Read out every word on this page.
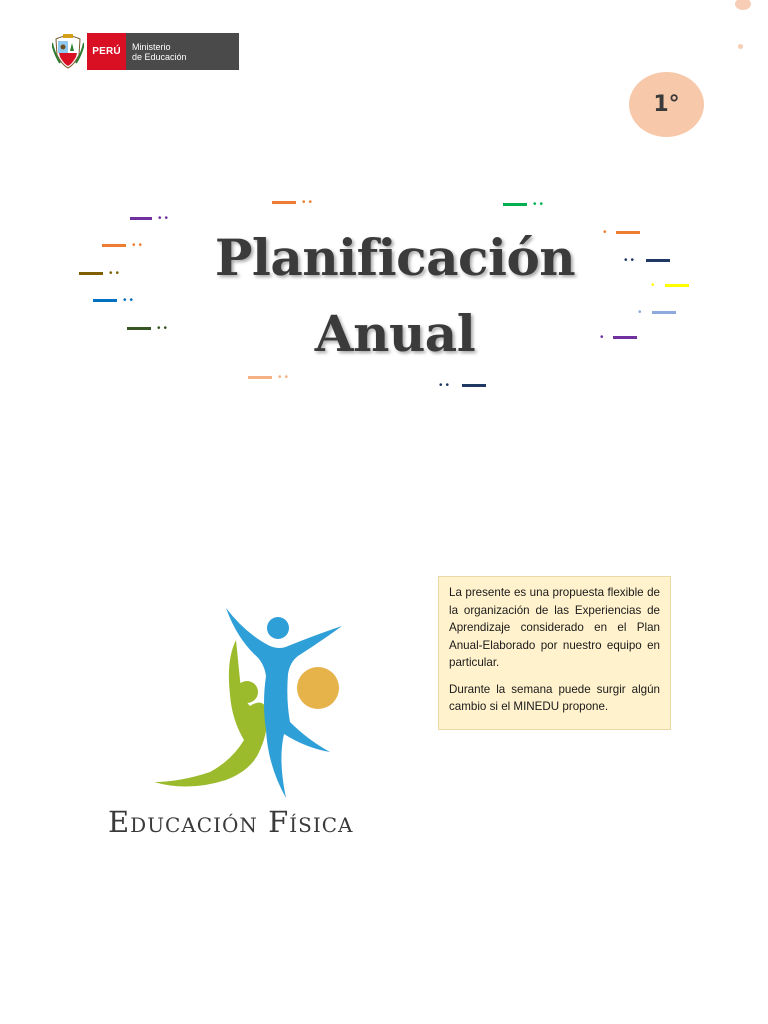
PERÚ	Ministerio
de Educación
1°
••
••
••
••
••
••	••
•
••
•
•
•
••
••
Planificación
Anual

La presente es una propuesta flexible de la organización de las Experiencias de Aprendizaje considerado en el Plan Anual-Elaborado por nuestro equipo en particular.

Durante la semana puede surgir algún cambio si el MINEDU propone.

Educación Física
